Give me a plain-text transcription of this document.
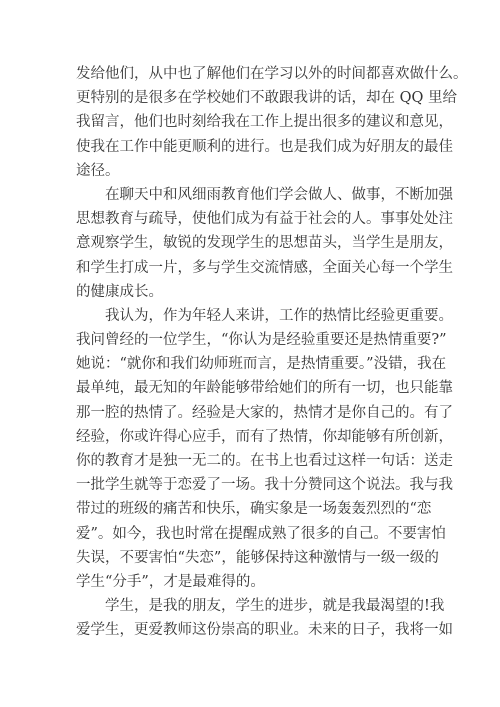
发给他们，从中也了解他们在学习以外的时间都喜欢做什么。
更特别的是很多在学校她们不敢跟我讲的话，却在 QQ 里给
我留言，他们也时刻给我在工作上提出很多的建议和意见，
使我在工作中能更顺利的进行。也是我们成为好朋友的最佳
途径。

　　在聊天中和风细雨教育他们学会做人、做事，不断加强
思想教育与疏导，使他们成为有益于社会的人。事事处处注
意观察学生，敏锐的发现学生的思想苗头，当学生是朋友，
和学生打成一片，多与学生交流情感，全面关心每一个学生
的健康成长。

　　我认为，作为年轻人来讲，工作的热情比经验更重要。
我问曾经的一位学生，“你认为是经验重要还是热情重要?”
她说：“就你和我们幼师班而言，是热情重要。”没错，我在
最单纯，最无知的年龄能够带给她们的所有一切，也只能靠
那一腔的热情了。经验是大家的，热情才是你自己的。有了
经验，你或许得心应手，而有了热情，你却能够有所创新，
你的教育才是独一无二的。在书上也看过这样一句话：送走
一批学生就等于恋爱了一场。我十分赞同这个说法。我与我
带过的班级的痛苦和快乐，确实象是一场轰轰烈烈的“恋
爱”。如今，我也时常在提醒成熟了很多的自己。不要害怕
失误，不要害怕“失恋”，能够保持这种激情与一级一级的
学生“分手”，才是最难得的。

　　学生，是我的朋友，学生的进步，就是我最渴望的!我
爱学生，更爱教师这份崇高的职业。未来的日子，我将一如
